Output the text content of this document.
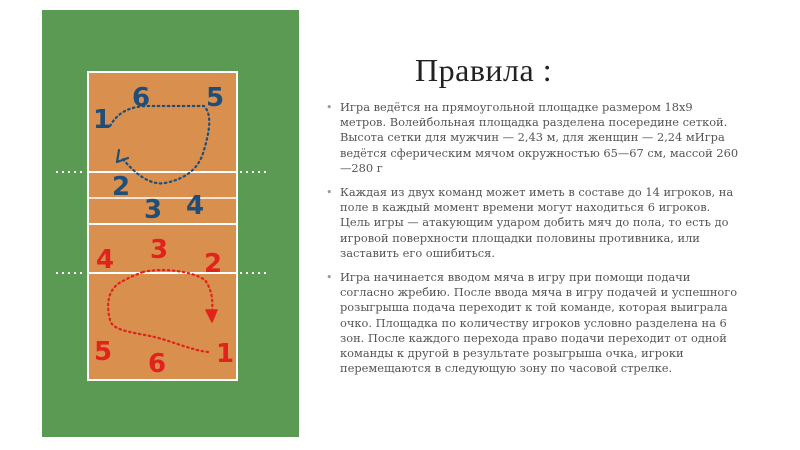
1
6 5
2
3 4
4 3 2
5 6 1
Правила :
• Игра ведётся на прямоугольной площадке размером 18х9 метров. Волейбольная площадка разделена посередине сеткой. Высота сетки для мужчин — 2,43 м, для женщин — 2,24 мИгра ведётся сферическим мячом окружностью 65—67 см, массой 260—280 г
• Каждая из двух команд может иметь в составе до 14 игроков, на поле в каждый момент времени могут находиться 6 игроков. Цель игры — атакующим ударом добить мяч до пола, то есть до игровой поверхности площадки половины противника, или заставить его ошибиться.
• Игра начинается вводом мяча в игру при помощи подачи согласно жребию. После ввода мяча в игру подачей и успешного розыгрыша подача переходит к той команде, которая выиграла очко. Площадка по количеству игроков условно разделена на 6 зон. После каждого перехода право подачи переходит от одной команды к другой в результате розыгрыша очка, игроки перемещаются в следующую зону по часовой стрелке.
